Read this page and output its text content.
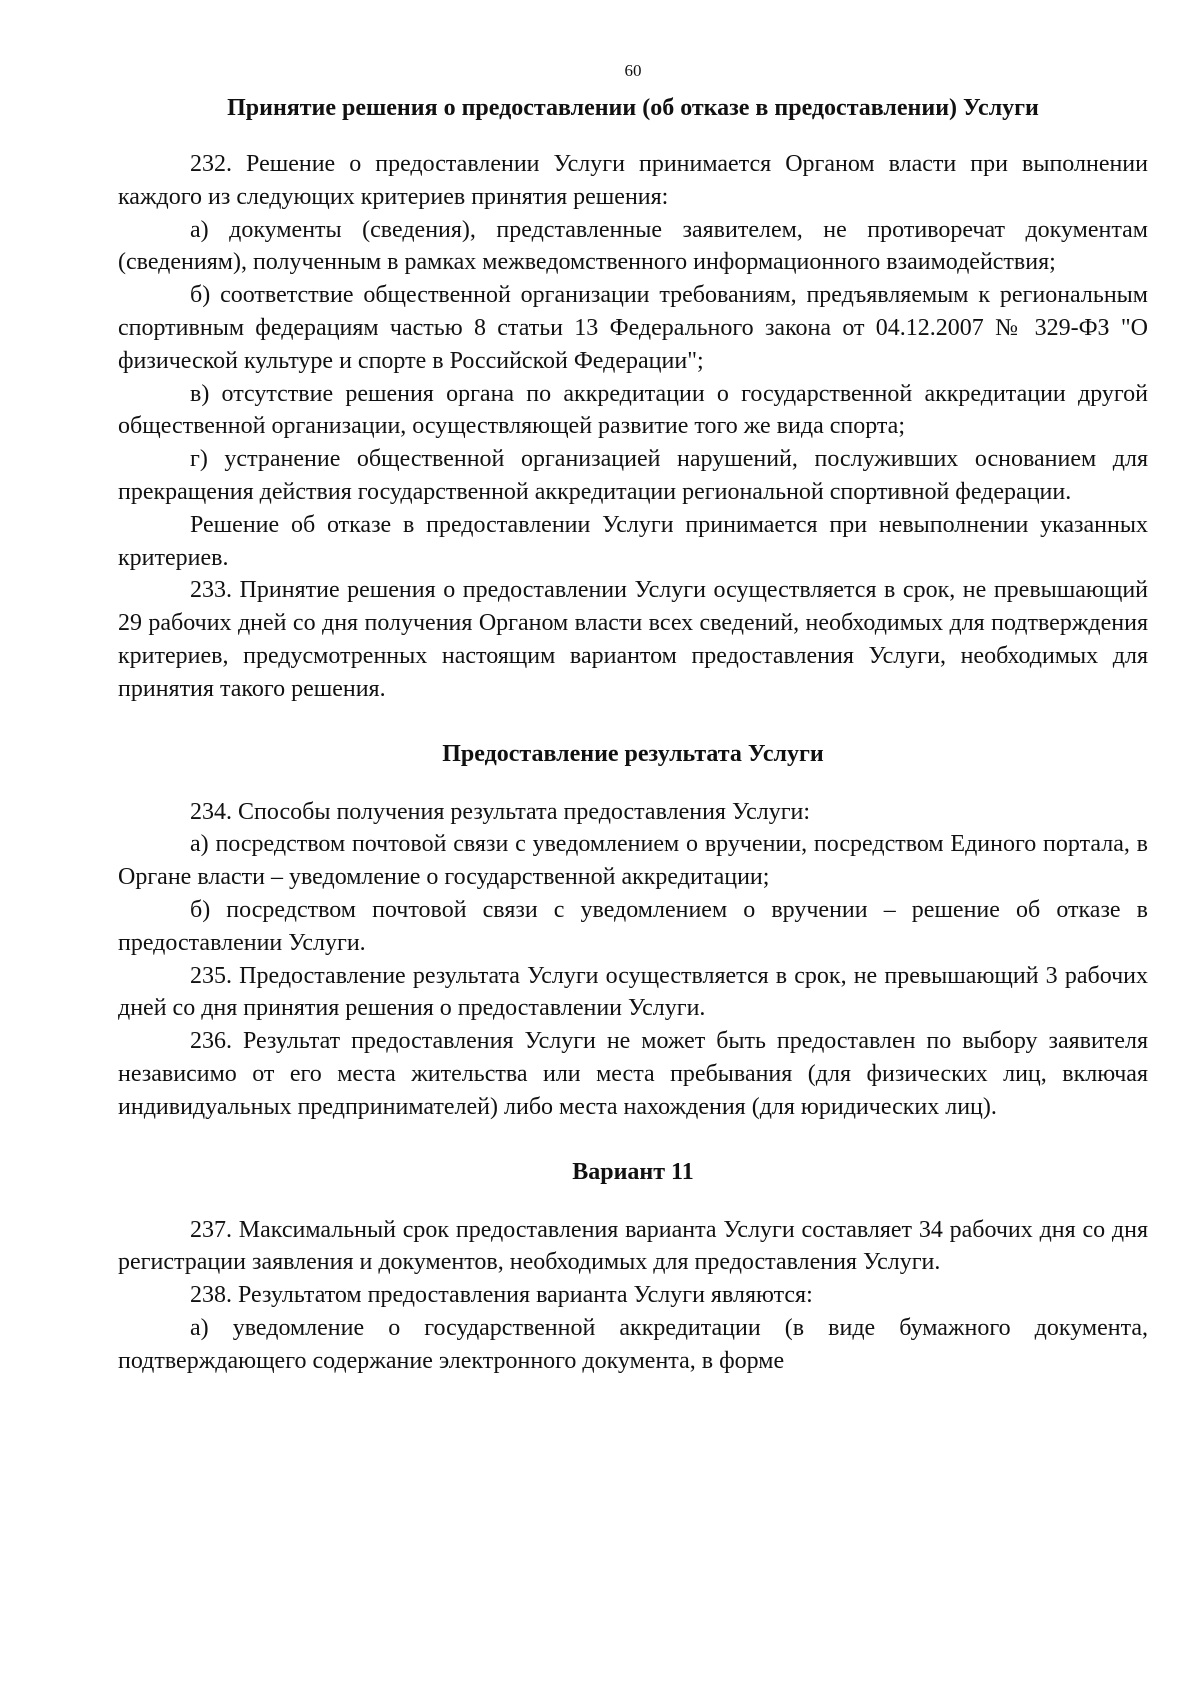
60
Принятие решения о предоставлении (об отказе в предоставлении) Услуги

232. Решение о предоставлении Услуги принимается Органом власти при выполнении каждого из следующих критериев принятия решения:

а) документы (сведения), представленные заявителем, не противоречат документам (сведениям), полученным в рамках межведомственного информационного взаимодействия;

б) соответствие общественной организации требованиям, предъявляемым к региональным спортивным федерациям частью 8 статьи 13 Федерального закона от 04.12.2007 № 329-ФЗ "О физической культуре и спорте в Российской Федерации";

в) отсутствие решения органа по аккредитации о государственной аккредитации другой общественной организации, осуществляющей развитие того же вида спорта;

г) устранение общественной организацией нарушений, послуживших основанием для прекращения действия государственной аккредитации региональной спортивной федерации.

Решение об отказе в предоставлении Услуги принимается при невыполнении указанных критериев.

233. Принятие решения о предоставлении Услуги осуществляется в срок, не превышающий 29 рабочих дней со дня получения Органом власти всех сведений, необходимых для подтверждения критериев, предусмотренных настоящим вариантом предоставления Услуги, необходимых для принятия такого решения.

Предоставление результата Услуги

234. Способы получения результата предоставления Услуги:

а) посредством почтовой связи с уведомлением о вручении, посредством Единого портала, в Органе власти – уведомление о государственной аккредитации;

б) посредством почтовой связи с уведомлением о вручении – решение об отказе в предоставлении Услуги.

235. Предоставление результата Услуги осуществляется в срок, не превышающий 3 рабочих дней со дня принятия решения о предоставлении Услуги.

236. Результат предоставления Услуги не может быть предоставлен по выбору заявителя независимо от его места жительства или места пребывания (для физических лиц, включая индивидуальных предпринимателей) либо места нахождения (для юридических лиц).

Вариант 11

237. Максимальный срок предоставления варианта Услуги составляет 34 рабочих дня со дня регистрации заявления и документов, необходимых для предоставления Услуги.

238. Результатом предоставления варианта Услуги являются:

а) уведомление о государственной аккредитации (в виде бумажного документа, подтверждающего содержание электронного документа, в форме
